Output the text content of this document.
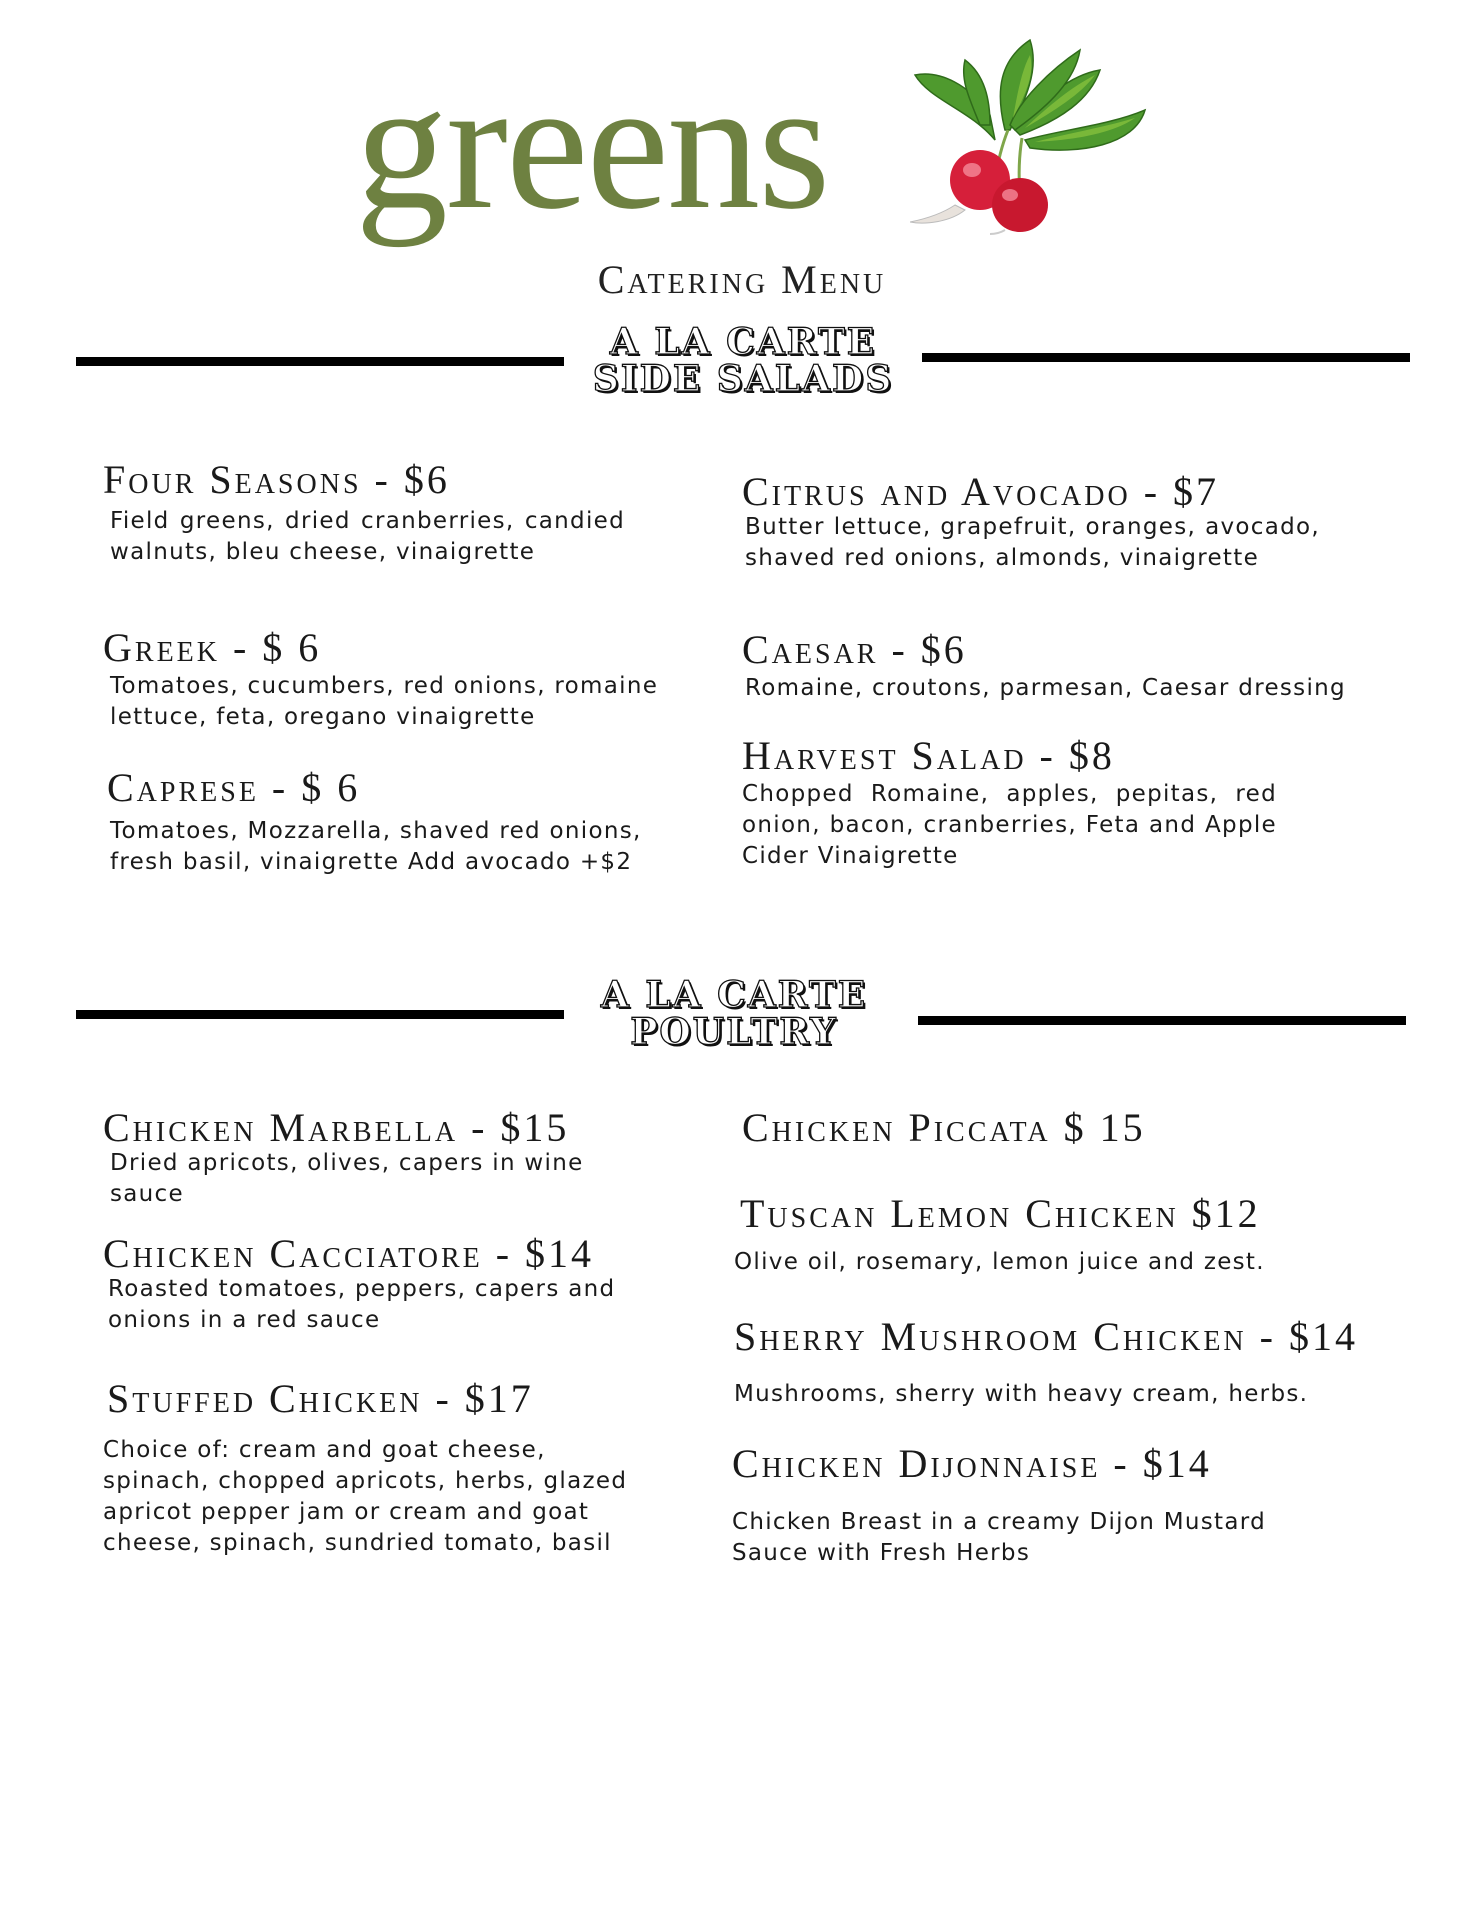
greens
Catering Menu
A LA CARTE
SIDE SALADS
Four Seasons - $6
Field greens, dried cranberries, candied walnuts, bleu cheese, vinaigrette
Citrus and Avocado - $7
Butter lettuce, grapefruit, oranges, avocado, shaved red onions, almonds, vinaigrette
Greek - $ 6
Tomatoes, cucumbers, red onions, romaine lettuce, feta, oregano vinaigrette
Caesar - $6
Romaine, croutons, parmesan, Caesar dressing
Caprese - $ 6
Tomatoes, Mozzarella, shaved red onions, fresh basil, vinaigrette Add avocado +$2
Harvest Salad - $8
Chopped Romaine, apples, pepitas, red onion, bacon, cranberries, Feta and Apple Cider Vinaigrette
A LA CARTE
POULTRY
Chicken Marbella - $15
Dried apricots, olives, capers in wine sauce
Chicken Piccata $ 15
Tuscan Lemon Chicken $12
Olive oil, rosemary, lemon juice and zest.
Chicken Cacciatore - $14
Roasted tomatoes, peppers, capers and onions in a red sauce	Sherry Mushroom Chicken - $14
Mushrooms, sherry with heavy cream, herbs.
Stuffed Chicken - $17
Choice of: cream and goat cheese, spinach, chopped apricots, herbs, glazed apricot pepper jam or cream and goat cheese, spinach, sundried tomato, basil
Chicken Dijonnaise - $14
Chicken Breast in a creamy Dijon Mustard Sauce with Fresh Herbs
